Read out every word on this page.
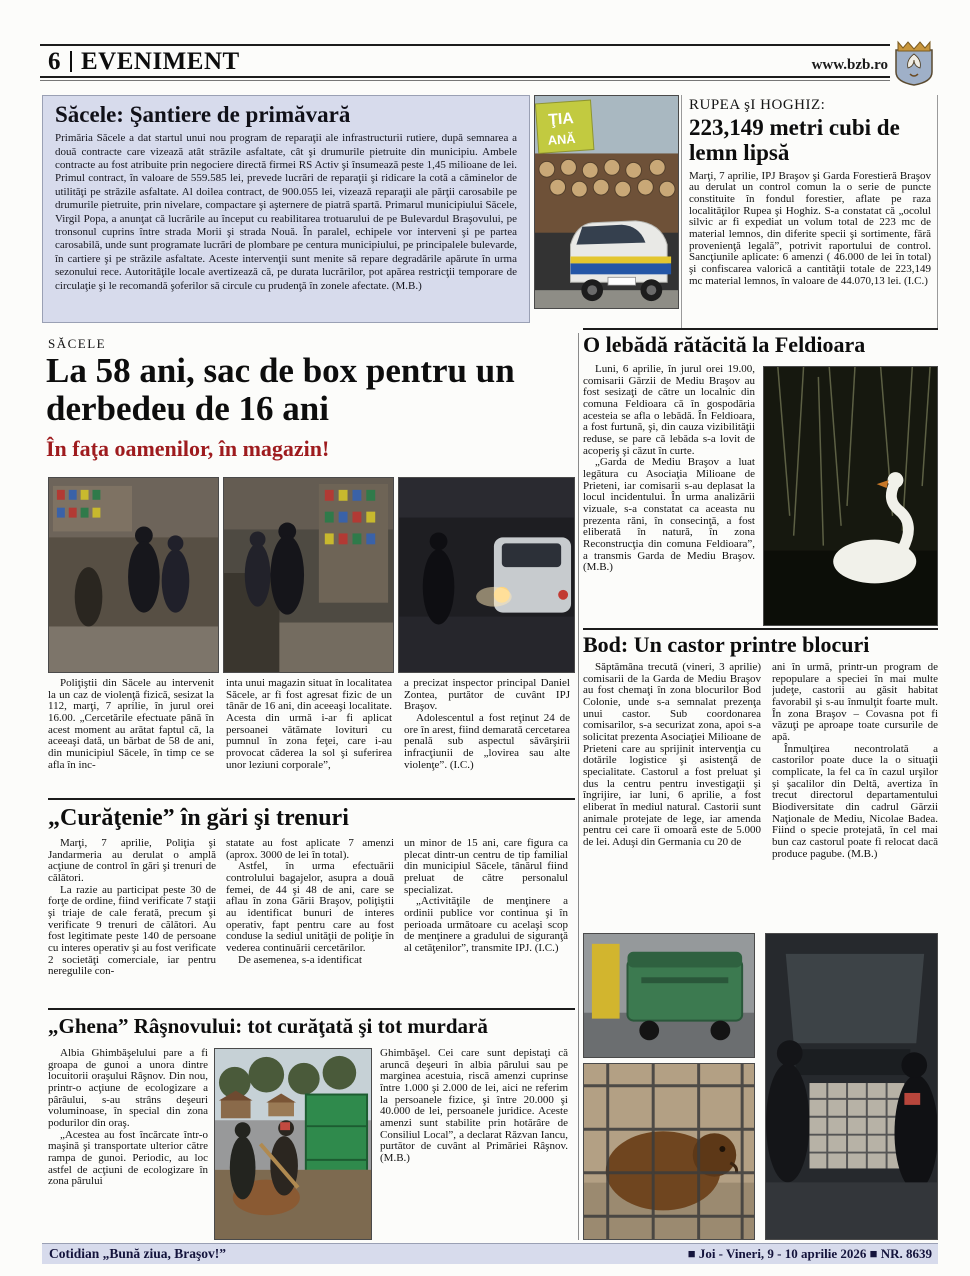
6 EVENIMENT	www.bzb.ro
Săcele: Şantiere de primăvară
Primăria Săcele a dat startul unui nou program de reparaţii ale infrastructurii rutiere, după semnarea a două contracte care vizează atât străzile asfaltate, cât şi drumurile pietruite din municipiu. Ambele contracte au fost atribuite prin negociere directă firmei RS Activ şi însumează peste 1,45 milioane de lei. Primul contract, în valoare de 559.585 lei, prevede lucrări de reparaţii şi ridicare la cotă a căminelor de utilităţi pe străzile asfaltate. Al doilea contract, de 900.055 lei, vizează reparaţii ale părţii carosabile pe drumurile pietruite, prin nivelare, compactare şi aşternere de piatră spartă. Primarul municipiului Săcele, Virgil Popa, a anunţat că lucrările au început cu reabilitarea trotuarului de pe Bulevardul Braşovului, pe tronsonul cuprins între strada Morii şi strada Nouă. În paralel, echipele vor interveni şi pe partea carosabilă, unde sunt programate lucrări de plombare pe centura municipiului, pe principalele bulevarde, în cartiere şi pe străzile asfaltate. Aceste intervenţii sunt menite să repare degradările apărute în urma sezonului rece. Autorităţile locale avertizează că, pe durata lucrărilor, pot apărea restricţii temporare de circulaţie şi le recomandă şoferilor să circule cu prudenţă în zonele afectate. (M.B.)
ŢIA
ANĂ
RUPEA şI HOGHIZ:
223,149 metri cubi de lemn lipsă

Marţi, 7 aprilie, IPJ Braşov şi Garda Forestieră Braşov au derulat un control comun la o serie de puncte constituite în fondul forestier, aflate pe raza localităţilor Rupea şi Hoghiz. S-a constatat că „ocolul silvic ar fi expediat un volum total de 223 mc de material lemnos, din diferite specii şi sortimente, fără provenienţă legală”, potrivit raportului de control. Sancţiunile aplicate: 6 amenzi ( 46.000 de lei în total) şi confiscarea valorică a cantităţii totale de 223,149 mc material lemnos, în valoare de 44.070,13 lei. (I.C.)

SĂCELE
La 58 ani, sac de box pentru un derbedeu de 16 ani
În faţa oamenilor, în magazin!

Poliţiştii din Săcele au intervenit la un caz de violenţă fizică, sesizat la 112, marţi, 7 aprilie, în jurul orei 16.00. „Cercetările efectuate până în acest moment au arătat faptul că, la aceeaşi dată, un bărbat de 58 de ani, din municipiul Săcele, în timp ce se afla în inc-

inta unui magazin situat în localitatea Săcele, ar fi fost agresat fizic de un tânăr de 16 ani, din aceeaşi localitate. Acesta din urmă i-ar fi aplicat persoanei vătămate lovituri cu pumnul în zona feţei, care i-au provocat căderea la sol şi suferirea unor leziuni corporale”,

a precizat inspector principal Daniel Zontea, purtător de cuvânt IPJ Braşov.

Adolescentul a fost reţinut 24 de ore în arest, fiind demarată cercetarea penală sub aspectul săvârşirii infracţiunii de „lovirea sau alte violenţe”. (I.C.)

O lebădă rătăcită la Feldioara

Luni, 6 aprilie, în jurul orei 19.00, comisarii Gărzii de Mediu Braşov au fost sesizaţi de către un localnic din comuna Feldioara că în gospodăria acesteia se afla o lebădă. În Feldioara, a fost furtună, şi, din cauza vizibilităţii reduse, se pare că lebăda s-a lovit de acoperiş şi căzut în curte.

„Garda de Mediu Braşov a luat legătura cu Asociaţia Milioane de Prieteni, iar comisarii s-au deplasat la locul incidentului. În urma analizării vizuale, s-a constatat ca aceasta nu prezenta răni, în consecinţă, a fost eliberată în natură, în zona Reconstrucţia din comuna Feldioara”, a transmis Garda de Mediu Braşov. (M.B.)

Bod: Un castor printre blocuri

Săptămâna trecută (vineri, 3 aprilie) comisarii de la Garda de Mediu Braşov au fost chemaţi în zona blocurilor Bod Colonie, unde s-a semnalat prezenţa unui castor. Sub coordonarea comisarilor, s-a securizat zona, apoi s-a solicitat prezenta Asociaţiei Milioane de Prieteni care au sprijinit intervenţia cu dotările logistice şi asistenţă de specialitate. Castorul a fost preluat şi dus la centru pentru investigaţii şi îngrijire, iar luni, 6 aprilie, a fost eliberat în mediul natural. Castorii sunt animale protejate de lege, iar amenda pentru cei care îi omoară este de 5.000 de lei. Aduşi din Germania cu 20 de

ani în urmă, printr-un program de repopulare a speciei în mai multe judeţe, castorii au găsit habitat favorabil şi s-au înmulţit foarte mult. În zona Braşov – Covasna pot fi văzuţi pe aproape toate cursurile de apă.

Înmulţirea necontrolată a castorilor poate duce la o situaţii complicate, la fel ca în cazul urşilor şi şacalilor din Deltă, avertiza în trecut directorul departamentului Biodiversitate din cadrul Gărzii Naţionale de Mediu, Nicolae Badea. Fiind o specie protejată, în cel mai bun caz castorul poate fi relocat dacă produce pagube. (M.B.)

„Curăţenie” în gări şi trenuri

Marţi, 7 aprilie, Poliţia şi Jandarmeria au derulat o amplă acţiune de control în gări şi trenuri de călători.

La razie au participat peste 30 de forţe de ordine, fiind verificate 7 staţii şi triaje de cale ferată, precum şi verificate 9 trenuri de călători. Au fost legitimate peste 140 de persoane cu interes operativ şi au fost verificate 2 societăţi comerciale, iar pentru neregulile con-

statate au fost aplicate 7 amenzi (aprox. 3000 de lei în total).

Astfel, în urma efectuării controlului bagajelor, asupra a două femei, de 44 şi 48 de ani, care se aflau în zona Gării Braşov, poliţiştii au identificat bunuri de interes operativ, fapt pentru care au fost conduse la sediul unităţii de poliţie în vederea continuării cercetărilor.

De asemenea, s-a identificat

un minor de 15 ani, care figura ca plecat dintr-un centru de tip familial din municipiul Săcele, tânărul fiind preluat de către personalul specializat.

„Activităţile de menţinere a ordinii publice vor continua şi în perioada următoare cu acelaşi scop de menţinere a gradului de siguranţă al cetăţenilor”, transmite IPJ. (I.C.)

„Ghena” Râşnovului: tot curăţată şi tot murdară

Albia Ghimbăşelului pare a fi groapa de gunoi a unora dintre locuitorii oraşului Râşnov. Din nou, printr-o acţiune de ecologizare a pârâului, s-au strâns deşeuri voluminoase, în special din zona podurilor din oraş.

„Acestea au fost încărcate într-o maşină şi transportate ulterior către rampa de gunoi. Periodic, au loc astfel de acţiuni de ecologizare în zona pârului

Ghimbăşel. Cei care sunt depistaţi că aruncă deşeuri în albia pârului sau pe marginea acestuia, riscă amenzi cuprinse între 1.000 şi 2.000 de lei, aici ne referim la persoanele fizice, şi între 20.000 şi 40.000 de lei, persoanele juridice. Aceste amenzi sunt stabilite prin hotărâre de Consiliul Local”, a declarat Răzvan Iancu, purtător de cuvânt al Primăriei Râşnov. (M.B.)

Cotidian „Bună ziua, Braşov!”	■ Joi - Vineri, 9 - 10 aprilie 2026 ■ NR. 8639
